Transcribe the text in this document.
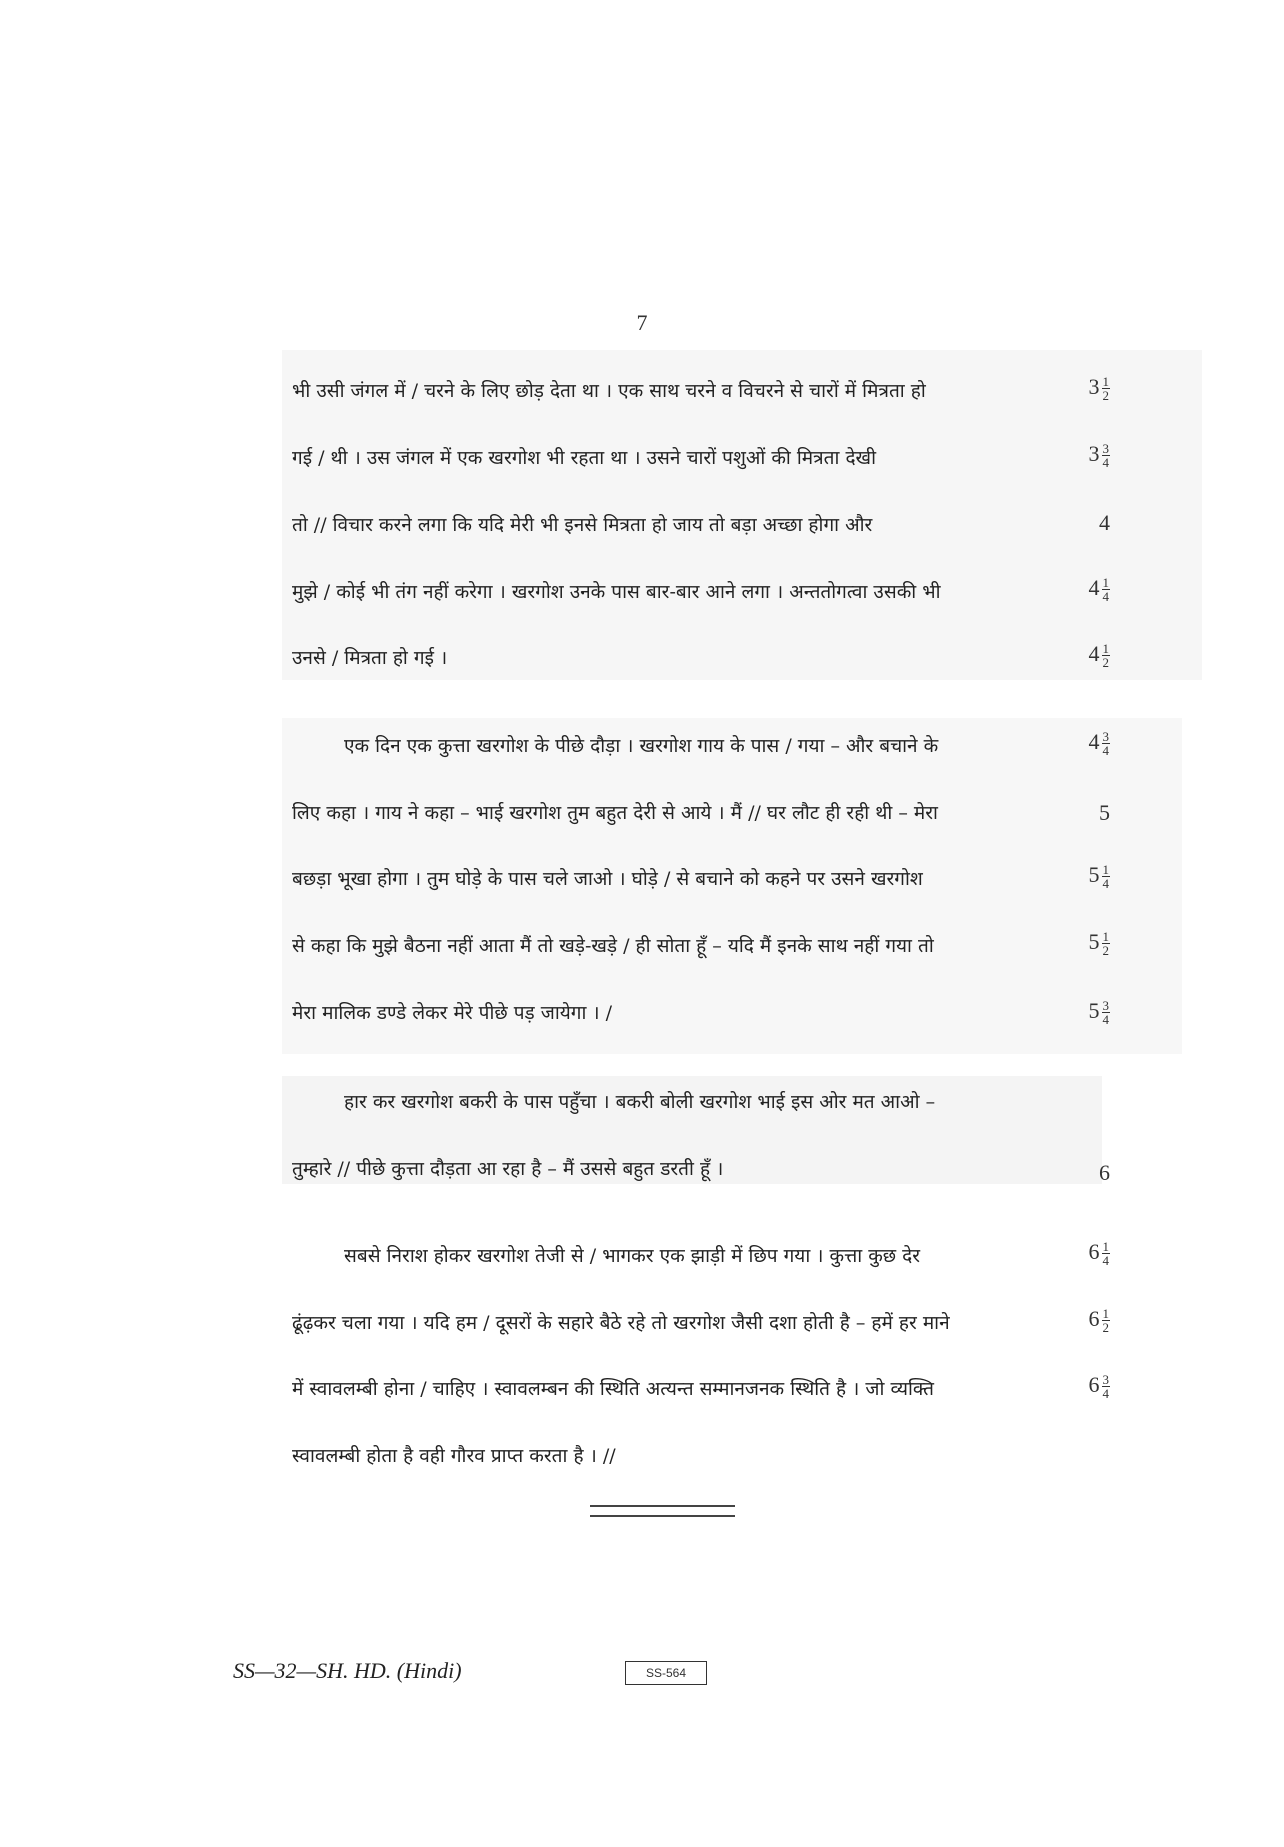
7
भी उसी जंगल में / चरने के लिए छोड़ देता था । एक साथ चरने व विचरने से चारों में मित्रता हो	$3 \frac{1}{2}$
गई / थी । उस जंगल में एक खरगोश भी रहता था । उसने चारों पशुओं की मित्रता देखी	$3 \frac{3}{4}$
तो // विचार करने लगा कि यदि मेरी भी इनसे मित्रता हो जाय तो बड़ा अच्छा होगा और	4
मुझे / कोई भी तंग नहीं करेगा । खरगोश उनके पास बार-बार आने लगा । अन्ततोगत्वा उसकी भी	$4 \frac{1}{4}$
उनसे / मित्रता हो गई ।	$4 \frac{1}{2}$
एक दिन एक कुत्ता खरगोश के पीछे दौड़ा । खरगोश गाय के पास / गया – और बचाने के	$4 \frac{3}{4}$
लिए कहा । गाय ने कहा – भाई खरगोश तुम बहुत देरी से आये । मैं // घर लौट ही रही थी – मेरा	5
बछड़ा भूखा होगा । तुम घोड़े के पास चले जाओ । घोड़े / से बचाने को कहने पर उसने खरगोश	$5 \frac{1}{4}$
से कहा कि मुझे बैठना नहीं आता मैं तो खड़े-खड़े / ही सोता हूँ – यदि मैं इनके साथ नहीं गया तो	$5 \frac{1}{2}$
मेरा मालिक डण्डे लेकर मेरे पीछे पड़ जायेगा । /	$5 \frac{3}{4}$
हार कर खरगोश बकरी के पास पहुँचा । बकरी बोली खरगोश भाई इस ओर मत आओ –
तुम्हारे // पीछे कुत्ता दौड़ता आ रहा है – मैं उससे बहुत डरती हूँ ।	6
सबसे निराश होकर खरगोश तेजी से / भागकर एक झाड़ी में छिप गया । कुत्ता कुछ देर	$6 \frac{1}{4}$
ढूंढ़कर चला गया । यदि हम / दूसरों के सहारे बैठे रहे तो खरगोश जैसी दशा होती है – हमें हर माने	$6 \frac{1}{2}$
में स्वावलम्बी होना / चाहिए । स्वावलम्बन की स्थिति अत्यन्त सम्मानजनक स्थिति है । जो व्यक्ति	$6 \frac{3}{4}$
स्वावलम्बी होता है वही गौरव प्राप्त करता है । //
SS—32—SH. HD. (Hindi)	SS-564
